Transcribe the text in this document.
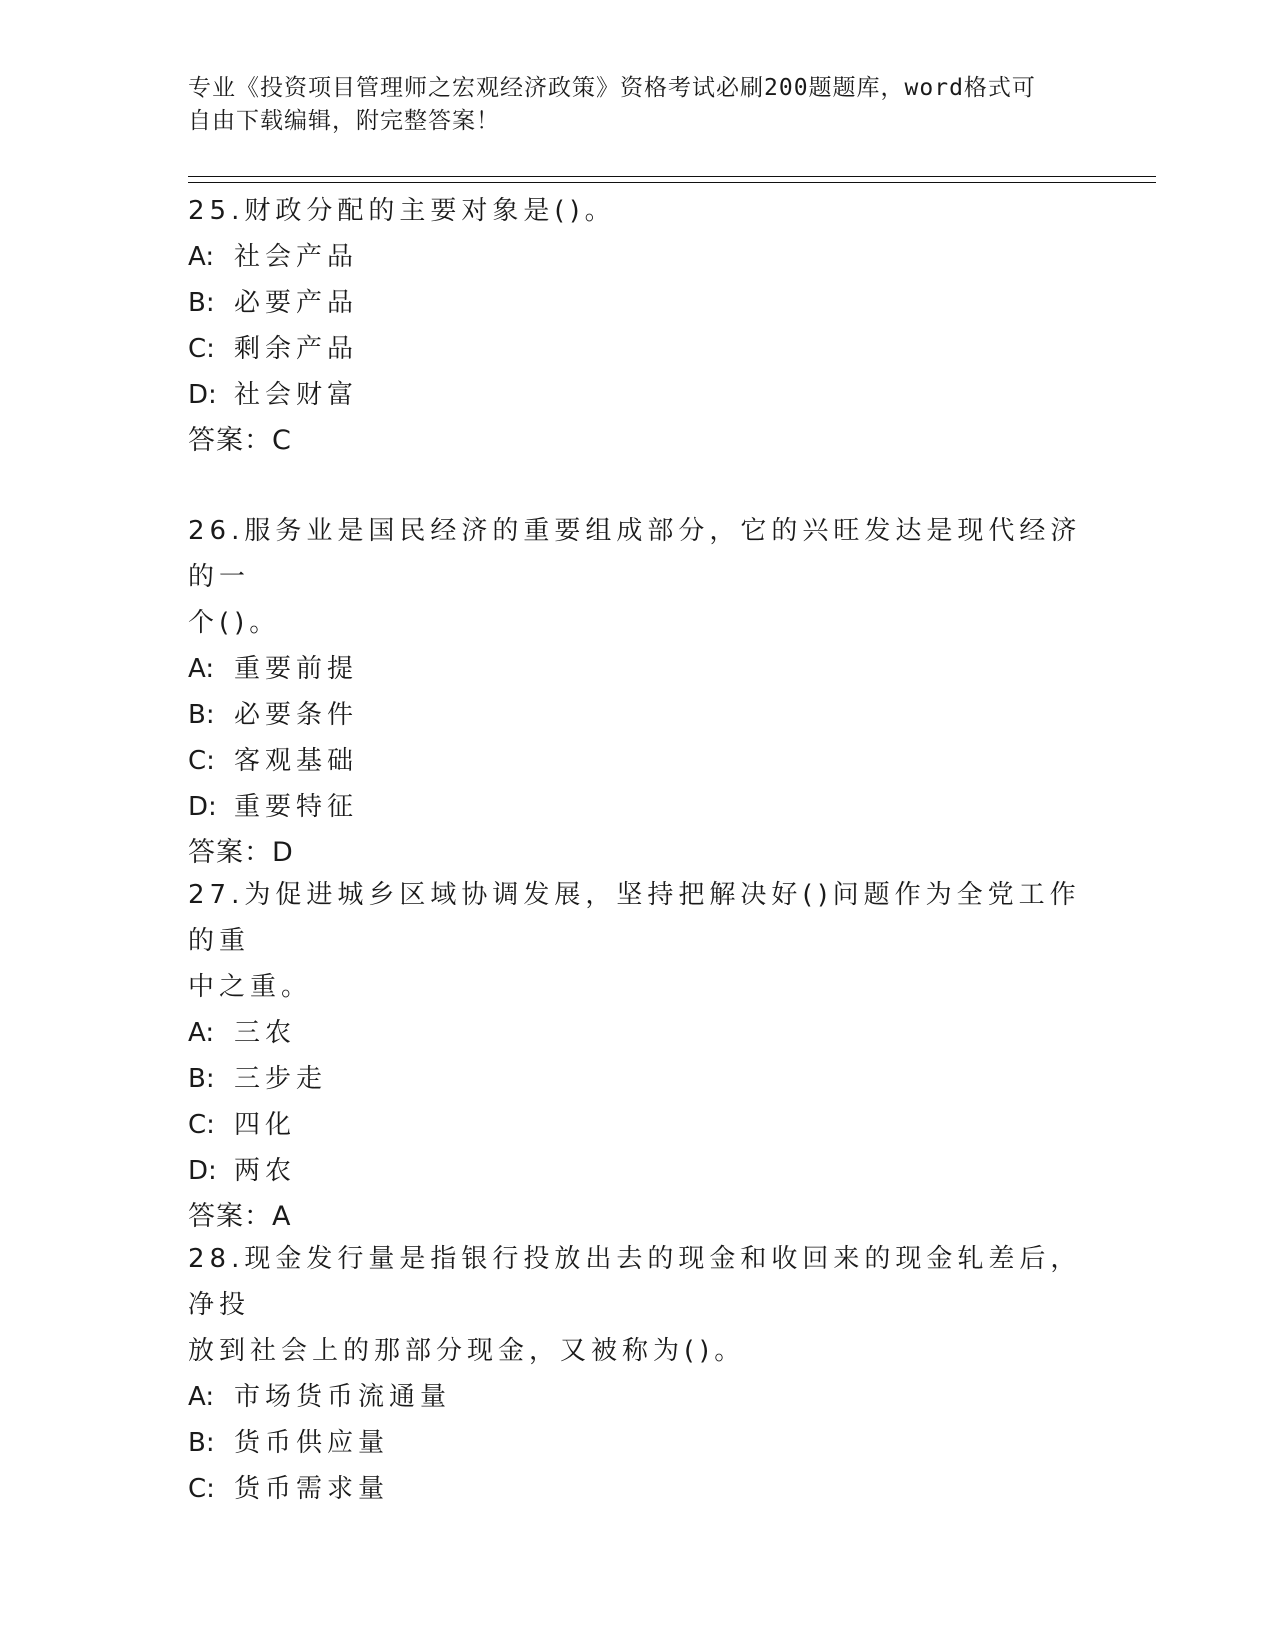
专业《投资项目管理师之宏观经济政策》资格考试必刷200题题库，word格式可
自由下载编辑，附完整答案！

25.财政分配的主要对象是()。

A: 社会产品

B: 必要产品

C: 剩余产品

D: 社会财富

答案：C

26.服务业是国民经济的重要组成部分，它的兴旺发达是现代经济的一

个()。

A: 重要前提

B: 必要条件

C: 客观基础

D: 重要特征

答案：D

27.为促进城乡区域协调发展，坚持把解决好()问题作为全党工作的重

中之重。

A: 三农

B: 三步走

C: 四化

D: 两农

答案：A

28.现金发行量是指银行投放出去的现金和收回来的现金轧差后，净投

放到社会上的那部分现金，又被称为()。

A: 市场货币流通量

B: 货币供应量

C: 货币需求量
